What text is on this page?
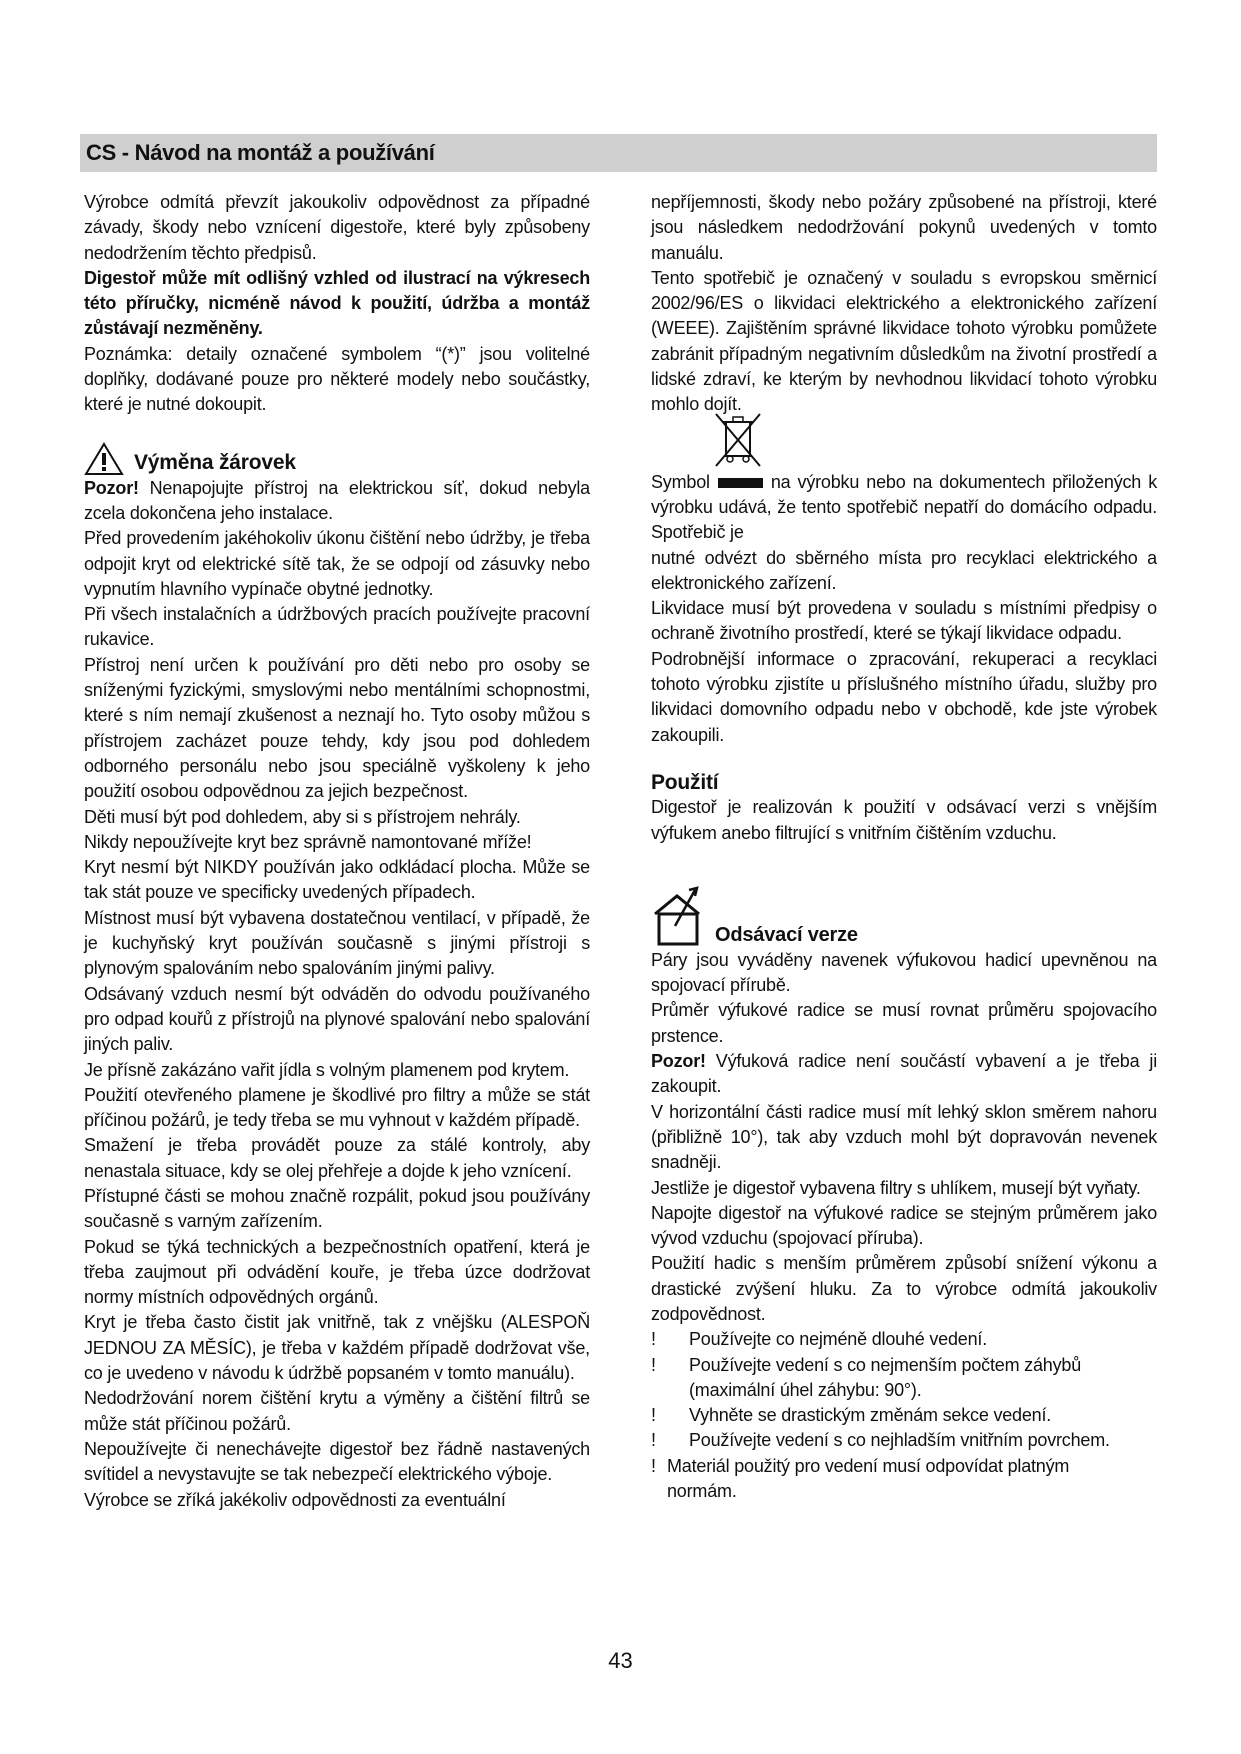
CS - Návod na montáž a používání

Výrobce odmítá převzít jakoukoliv odpovědnost za případné závady, škody nebo vznícení digestoře, které byly způsobeny nedodržením těchto předpisů.

Digestoř může mít odlišný vzhled od ilustrací na výkresech této příručky, nicméně návod k použití, údržba a montáž zůstávají nezměněny.

Poznámka: detaily označené symbolem “(*)” jsou volitelné doplňky, dodávané pouze pro některé modely nebo součástky, které je nutné dokoupit.

Výměna žárovek

Pozor! Nenapojujte přístroj na elektrickou síť, dokud nebyla zcela dokončena jeho instalace.

Před provedením jakéhokoliv úkonu čištění nebo údržby, je třeba odpojit kryt od elektrické sítě tak, že se odpojí od zásuvky nebo vypnutím hlavního vypínače obytné jednotky.

Při všech instalačních a údržbových pracích používejte pracovní rukavice.

Přístroj není určen k používání pro děti nebo pro osoby se sníženými fyzickými, smyslovými nebo mentálními schopnostmi, které s ním nemají zkušenost a neznají ho. Tyto osoby můžou s přístrojem zacházet pouze tehdy, kdy jsou pod dohledem odborného personálu nebo jsou speciálně vyškoleny k jeho použití osobou odpovědnou za jejich bezpečnost.

Děti musí být pod dohledem, aby si s přístrojem nehrály.

Nikdy nepoužívejte kryt bez správně namontované mříže!

Kryt nesmí být NIKDY používán jako odkládací plocha. Může se tak stát pouze ve specificky uvedených případech.

Místnost musí být vybavena dostatečnou ventilací, v případě, že je kuchyňský kryt používán současně s jinými přístroji s plynovým spalováním nebo spalováním jinými palivy.

Odsávaný vzduch nesmí být odváděn do odvodu používaného pro odpad kouřů z přístrojů na plynové spalování nebo spalování jiných paliv.

Je přísně zakázáno vařit jídla s volným plamenem pod krytem.

Použití otevřeného plamene je škodlivé pro filtry a může se stát příčinou požárů, je tedy třeba se mu vyhnout v každém případě.

Smažení je třeba provádět pouze za stálé kontroly, aby nenastala situace, kdy se olej přehřeje a dojde k jeho vznícení.

Přístupné části se mohou značně rozpálit, pokud jsou používány současně s varným zařízením.

Pokud se týká technických a bezpečnostních opatření, která je třeba zaujmout při odvádění kouře, je třeba úzce dodržovat normy místních odpovědných orgánů.

Kryt je třeba často čistit jak vnitřně, tak z vnějšku (ALESPOŇ JEDNOU ZA MĚSÍC), je třeba v každém případě dodržovat vše, co je uvedeno v návodu k údržbě popsaném v tomto manuálu).

Nedodržování norem čištění krytu a výměny a čištění filtrů se může stát příčinou požárů.

Nepoužívejte či nenechávejte digestoř bez řádně nastavených svítidel a nevystavujte se tak nebezpečí elektrického výboje.

Výrobce se zříká jakékoliv odpovědnosti za eventuální

nepříjemnosti, škody nebo požáry způsobené na přístroji, které jsou následkem nedodržování pokynů uvedených v tomto manuálu.

Tento spotřebič je označený v souladu s evropskou směrnicí 2002/96/ES o likvidaci elektrického a elektronického zařízení (WEEE). Zajištěním správné likvidace tohoto výrobku pomůžete zabránit případným negativním důsledkům na životní prostředí a lidské zdraví, ke kterým by nevhodnou likvidací tohoto výrobku mohlo dojít.

Symbol	na výrobku nebo na dokumentech přiložených k výrobku udává, že tento spotřebič nepatří do domácího odpadu. Spotřebič je

nutné odvézt do sběrného místa pro recyklaci elektrického a elektronického zařízení.

Likvidace musí být provedena v souladu s místními předpisy o ochraně životního prostředí, které se týkají likvidace odpadu.

Podrobnější informace o zpracování, rekuperaci a recyklaci tohoto výrobku zjistíte u příslušného místního úřadu, služby pro likvidaci domovního odpadu nebo v obchodě, kde jste výrobek zakoupili.

Použití

Digestoř je realizován k použití v odsávací verzi s vnějším výfukem anebo filtrující s vnitřním čištěním vzduchu.

Odsávací verze

Páry jsou vyváděny navenek výfukovou hadicí upevněnou na spojovací přírubě.

Průměr výfukové radice se musí rovnat průměru spojovacího prstence.

Pozor! Výfuková radice není součástí vybavení a je třeba ji zakoupit.

V horizontální části radice musí mít lehký sklon směrem nahoru (přibližně 10°), tak aby vzduch mohl být dopravován nevenek snadněji.

Jestliže je digestoř vybavena filtry s uhlíkem, musejí být vyňaty.

Napojte digestoř na výfukové radice se stejným průměrem jako vývod vzduchu (spojovací příruba).

Použití hadic s menším průměrem způsobí snížení výkonu a drastické zvýšení hluku. Za to výrobce odmítá jakoukoliv zodpovědnost.

!	Používejte co nejméně dlouhé vedení.
!	Používejte vedení s co nejmenším počtem záhybů (maximální úhel záhybu: 90°).
!	Vyhněte se drastickým změnám sekce vedení.
!	Používejte vedení s co nejhladším vnitřním povrchem.
! Materiál použitý pro vedení musí odpovídat platným normám.
43
